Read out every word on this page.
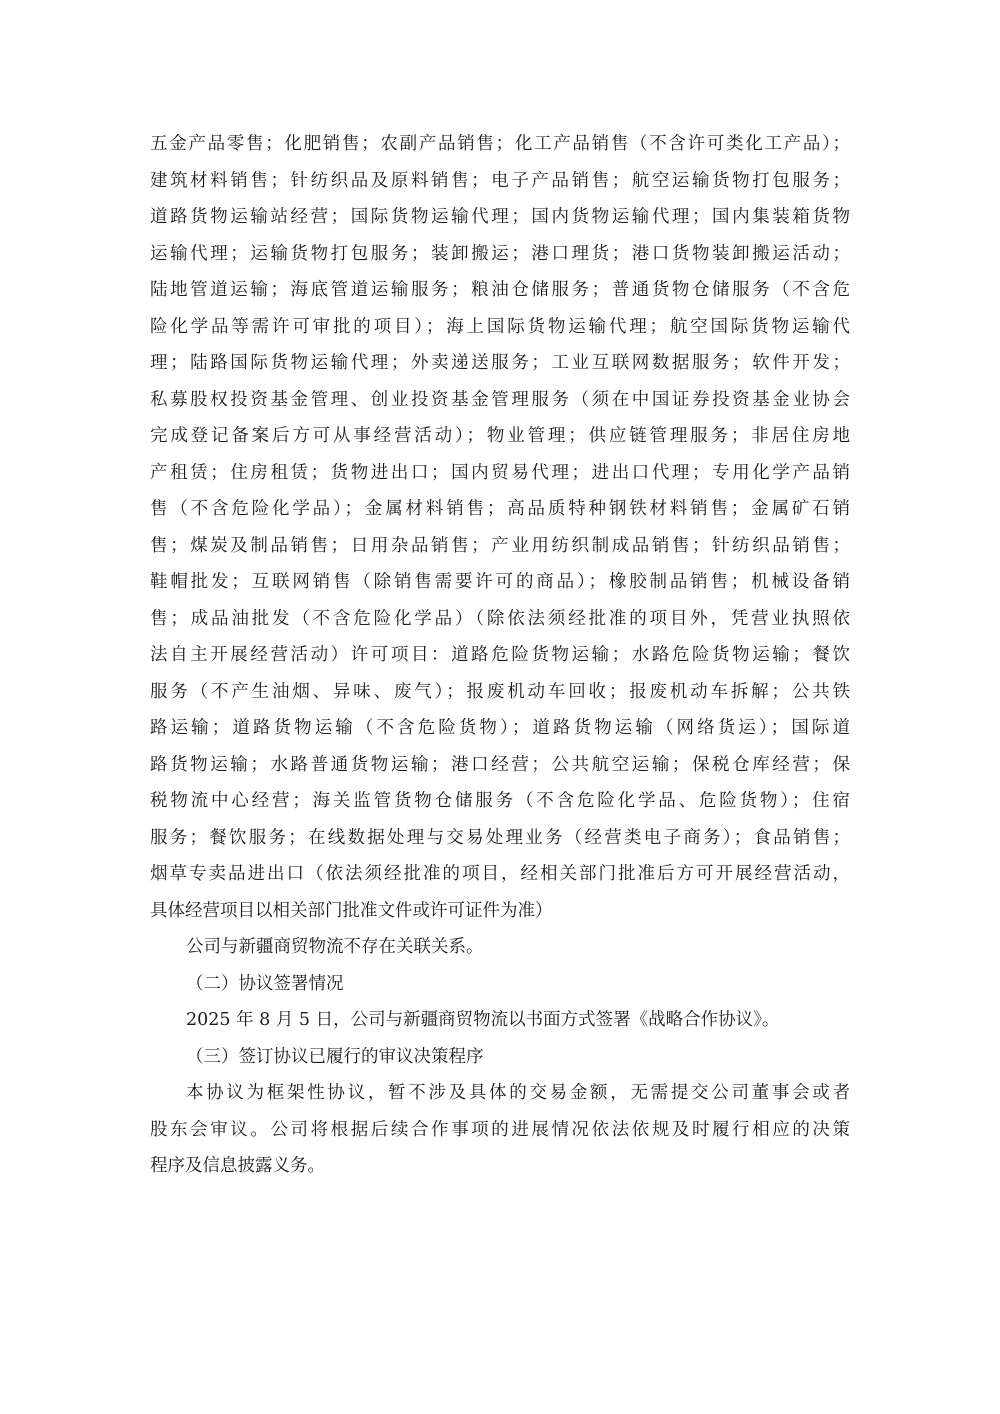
五金产品零售；化肥销售；农副产品销售；化工产品销售（不含许可类化工产品）；
建筑材料销售；针纺织品及原料销售；电子产品销售；航空运输货物打包服务；
道路货物运输站经营；国际货物运输代理；国内货物运输代理；国内集装箱货物
运输代理；运输货物打包服务；装卸搬运；港口理货；港口货物装卸搬运活动；
陆地管道运输；海底管道运输服务；粮油仓储服务；普通货物仓储服务（不含危
险化学品等需许可审批的项目）；海上国际货物运输代理；航空国际货物运输代
理；陆路国际货物运输代理；外卖递送服务；工业互联网数据服务；软件开发；
私募股权投资基金管理、创业投资基金管理服务（须在中国证券投资基金业协会
完成登记备案后方可从事经营活动）；物业管理；供应链管理服务；非居住房地
产租赁；住房租赁；货物进出口；国内贸易代理；进出口代理；专用化学产品销
售（不含危险化学品）；金属材料销售；高品质特种钢铁材料销售；金属矿石销
售；煤炭及制品销售；日用杂品销售；产业用纺织制成品销售；针纺织品销售；
鞋帽批发；互联网销售（除销售需要许可的商品）；橡胶制品销售；机械设备销
售；成品油批发（不含危险化学品）（除依法须经批准的项目外，凭营业执照依
法自主开展经营活动）许可项目：道路危险货物运输；水路危险货物运输；餐饮
服务（不产生油烟、异味、废气）；报废机动车回收；报废机动车拆解；公共铁
路运输；道路货物运输（不含危险货物）；道路货物运输（网络货运）；国际道
路货物运输；水路普通货物运输；港口经营；公共航空运输；保税仓库经营；保
税物流中心经营；海关监管货物仓储服务（不含危险化学品、危险货物）；住宿
服务；餐饮服务；在线数据处理与交易处理业务（经营类电子商务）；食品销售；
烟草专卖品进出口（依法须经批准的项目，经相关部门批准后方可开展经营活动，
具体经营项目以相关部门批准文件或许可证件为准）
公司与新疆商贸物流不存在关联关系。
（二）协议签署情况
2025 年 8 月 5 日，公司与新疆商贸物流以书面方式签署《战略合作协议》。
（三）签订协议已履行的审议决策程序
本协议为框架性协议，暂不涉及具体的交易金额，无需提交公司董事会或者
股东会审议。公司将根据后续合作事项的进展情况依法依规及时履行相应的决策
程序及信息披露义务。
